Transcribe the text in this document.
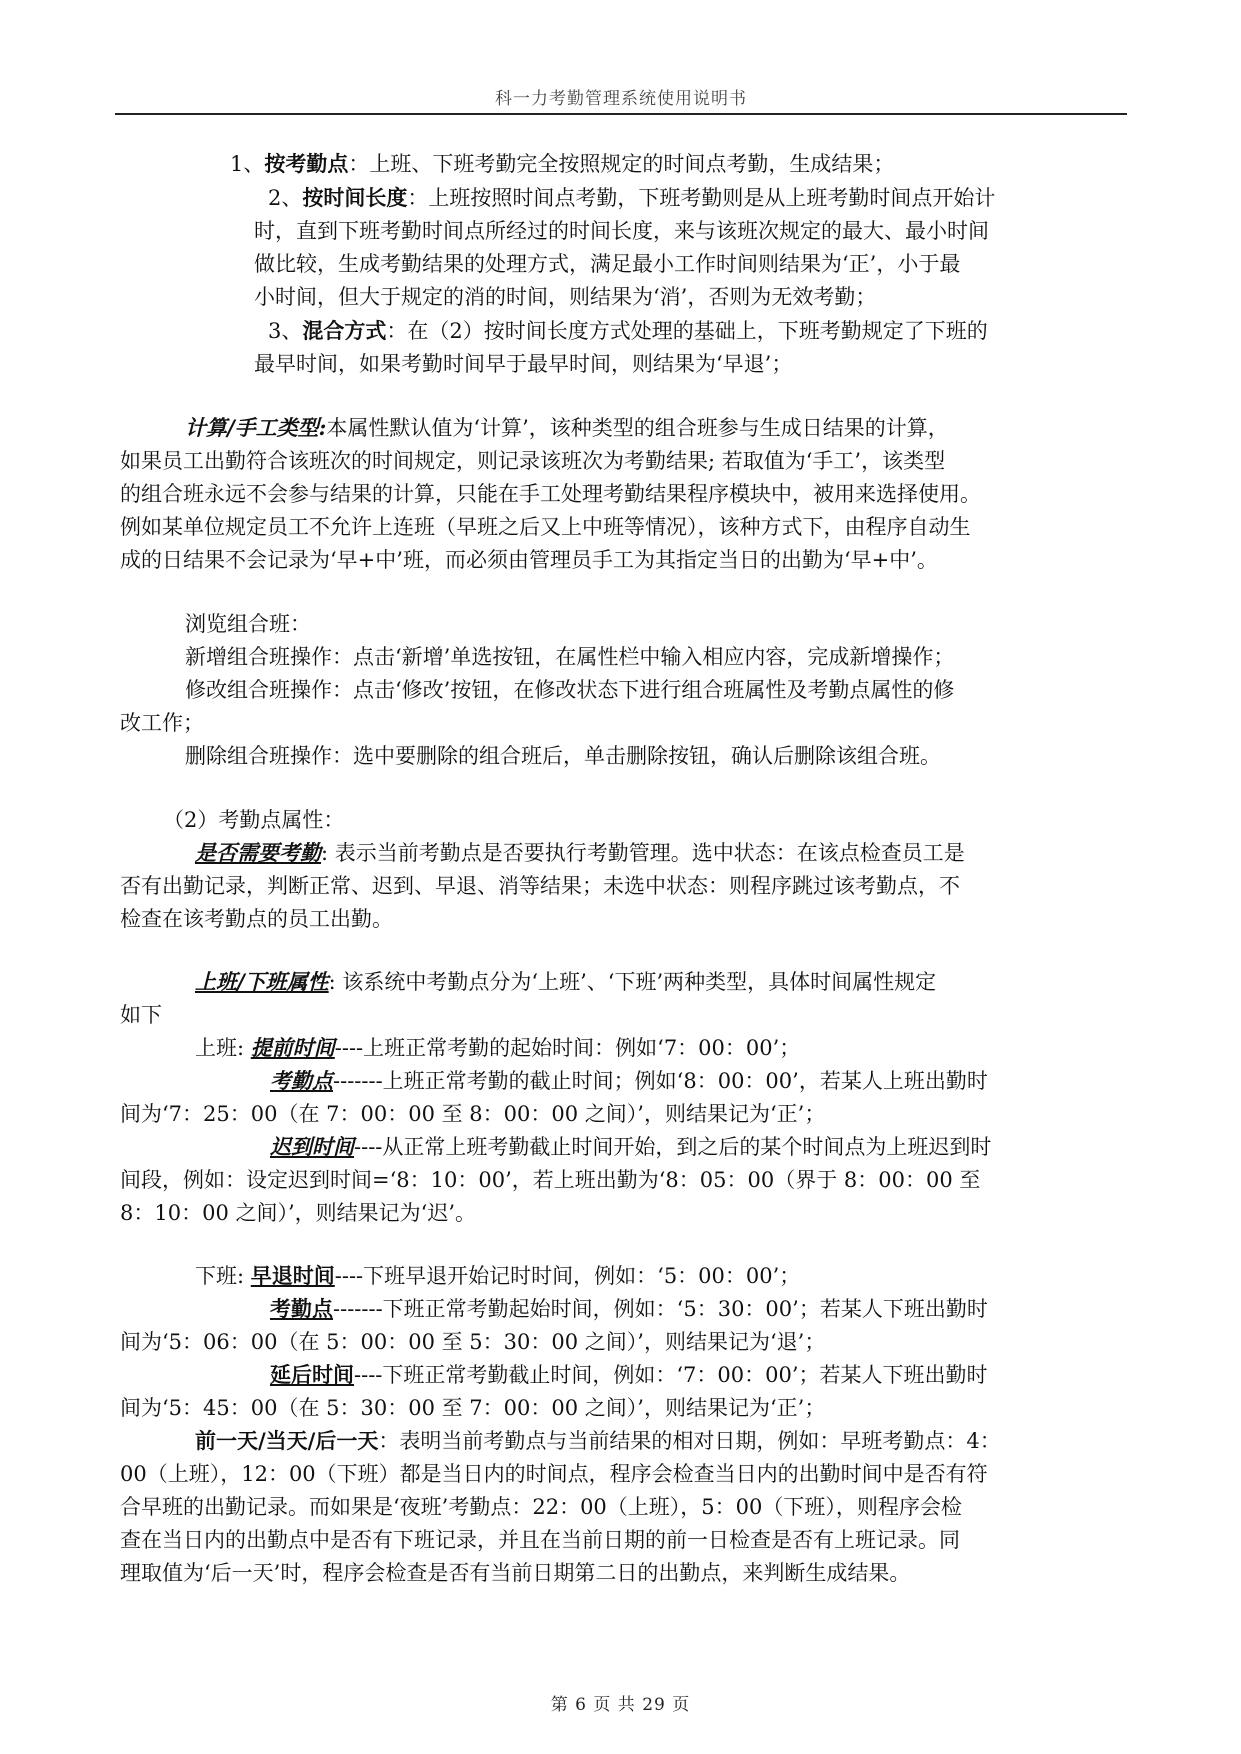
科一力考勤管理系统使用说明书
1、按考勤点：上班、下班考勤完全按照规定的时间点考勤，生成结果；
2、按时间长度：上班按照时间点考勤，下班考勤则是从上班考勤时间点开始计
时，直到下班考勤时间点所经过的时间长度，来与该班次规定的最大、最小时间
做比较，生成考勤结果的处理方式，满足最小工作时间则结果为‘正’，小于最
小时间，但大于规定的消的时间，则结果为‘消’，否则为无效考勤；
3、混合方式：在（2）按时间长度方式处理的基础上，下班考勤规定了下班的
最早时间，如果考勤时间早于最早时间，则结果为‘早退’；
计算/手工类型:本属性默认值为‘计算’，该种类型的组合班参与生成日结果的计算，
如果员工出勤符合该班次的时间规定，则记录该班次为考勤结果; 若取值为‘手工’，该类型
的组合班永远不会参与结果的计算，只能在手工处理考勤结果程序模块中，被用来选择使用。
例如某单位规定员工不允许上连班（早班之后又上中班等情况），该种方式下，由程序自动生
成的日结果不会记录为‘早+中’班，而必须由管理员手工为其指定当日的出勤为‘早+中’。
浏览组合班：
新增组合班操作：点击‘新增’单选按钮，在属性栏中输入相应内容，完成新增操作；
修改组合班操作：点击‘修改’按钮，在修改状态下进行组合班属性及考勤点属性的修
改工作；
删除组合班操作：选中要删除的组合班后，单击删除按钮，确认后删除该组合班。
（2）考勤点属性：
是否需要考勤: 表示当前考勤点是否要执行考勤管理。选中状态：在该点检查员工是
否有出勤记录，判断正常、迟到、早退、消等结果；未选中状态：则程序跳过该考勤点，不
检查在该考勤点的员工出勤。
上班/下班属性: 该系统中考勤点分为‘上班’、‘下班’两种类型，具体时间属性规定
如下
上班: 提前时间----上班正常考勤的起始时间：例如‘7：00：00’；
考勤点-------上班正常考勤的截止时间；例如‘8：00：00’，若某人上班出勤时
间为‘7：25：00（在 7：00：00 至 8：00：00 之间）’，则结果记为‘正’；
迟到时间----从正常上班考勤截止时间开始，到之后的某个时间点为上班迟到时
间段，例如：设定迟到时间=‘8：10：00’，若上班出勤为‘8：05：00（界于 8：00：00 至
8：10：00 之间）’，则结果记为‘迟’。
下班: 早退时间----下班早退开始记时时间，例如：‘5：00：00’；
考勤点-------下班正常考勤起始时间，例如：‘5：30：00’；若某人下班出勤时
间为‘5：06：00（在 5：00：00 至 5：30：00 之间）’，则结果记为‘退’；
延后时间----下班正常考勤截止时间，例如：‘7：00：00’；若某人下班出勤时
间为‘5：45：00（在 5：30：00 至 7：00：00 之间）’，则结果记为‘正’；
前一天/当天/后一天：表明当前考勤点与当前结果的相对日期，例如：早班考勤点：4：
00（上班），12：00（下班）都是当日内的时间点，程序会检查当日内的出勤时间中是否有符
合早班的出勤记录。而如果是‘夜班’考勤点：22：00（上班），5：00（下班），则程序会检
查在当日内的出勤点中是否有下班记录，并且在当前日期的前一日检查是否有上班记录。同
理取值为‘后一天’时，程序会检查是否有当前日期第二日的出勤点，来判断生成结果。
第 6 页 共 29 页
